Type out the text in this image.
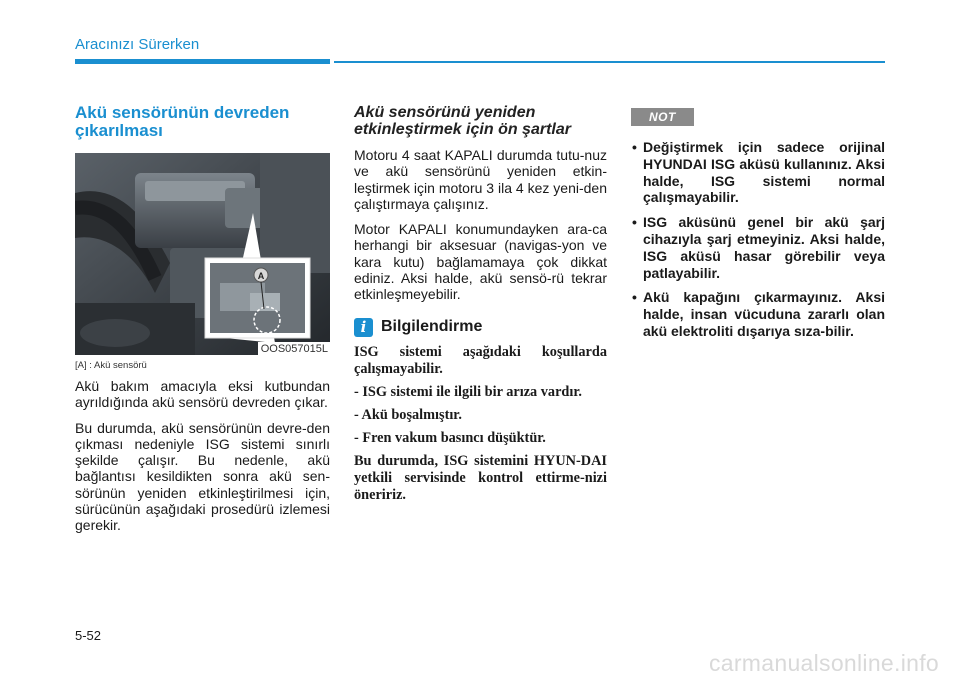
Aracınızı Sürerken
Akü sensörünün devreden çıkarılması
A
OOS057015L
[A] : Akü sensörü

Akü bakım amacıyla eksi kutbundan ayrıldığında akü sensörü devreden çıkar.

Bu durumda, akü sensörünün devre-den çıkması nedeniyle ISG sistemi sınırlı şekilde çalışır. Bu nedenle, akü bağlantısı kesildikten sonra akü sen-sörünün yeniden etkinleştirilmesi için, sürücünün aşağıdaki prosedürü izlemesi gerekir.

Akü sensörünü yeniden etkinleştirmek için ön şartlar

Motoru 4 saat KAPALI durumda tutu-nuz ve akü sensörünü yeniden etkin-leştirmek için motoru 3 ila 4 kez yeni-den çalıştırmaya çalışınız.

Motor KAPALI konumundayken ara-ca herhangi bir aksesuar (navigas-yon ve kara kutu) bağlamamaya çok dikkat ediniz. Aksi halde, akü sensö-rü tekrar etkinleşmeyebilir.

i Bilgilendirme

ISG sistemi aşağıdaki koşullarda çalışmayabilir.

- ISG sistemi ile ilgili bir arıza vardır.

- Akü boşalmıştır.

- Fren vakum basıncı düşüktür.

Bu durumda, ISG sistemini HYUN-DAI yetkili servisinde kontrol ettirme-nizi öneririz.

NOT
• Değiştirmek için sadece orijinal HYUNDAI ISG aküsü kullanınız. Aksi halde, ISG sistemi normal çalışmayabilir.
• ISG aküsünü genel bir akü şarj cihazıyla şarj etmeyiniz. Aksi halde, ISG aküsü hasar görebilir veya patlayabilir.
• Akü kapağını çıkarmayınız. Aksi halde, insan vücuduna zararlı olan akü elektroliti dışarıya sıza-bilir.
5-52
carmanualsonline.info
